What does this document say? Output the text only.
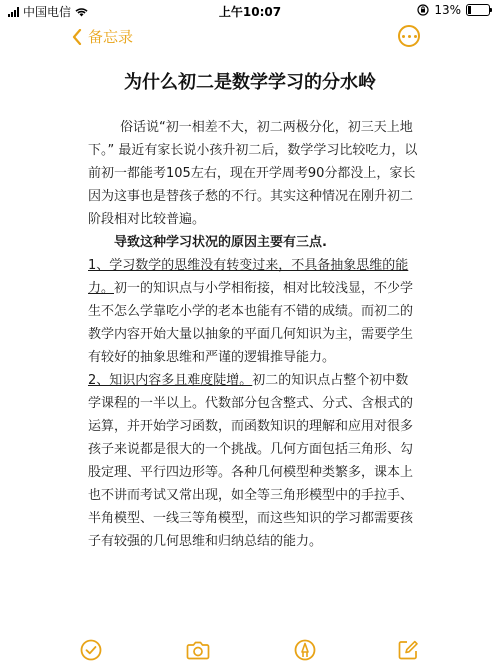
中国电信	上午10:07	13%
备忘录
为什么初二是数学学习的分水岭

俗话说“初一相差不大，初二两极分化，初三天上地下。” 最近有家长说小孩升初二后，数学学习比较吃力，以前初一都能考105左右，现在开学周考90分都没上，家长因为这事也是替孩子愁的不行。其实这种情况在刚升初二阶段相对比较普遍。

导致这种学习状况的原因主要有三点.

1、学习数学的思维没有转变过来，不具备抽象思维的能力。初一的知识点与小学相衔接，相对比较浅显，不少学生不怎么学靠吃小学的老本也能有不错的成绩。而初二的教学内容开始大量以抽象的平面几何知识为主，需要学生有较好的抽象思维和严谨的逻辑推导能力。

2、知识内容多且难度陡增。初二的知识点占整个初中数学课程的一半以上。代数部分包含整式、分式、含根式的运算，并开始学习函数，而函数知识的理解和应用对很多孩子来说都是很大的一个挑战。几何方面包括三角形、勾股定理、平行四边形等。各种几何模型种类繁多，课本上也不讲而考试又常出现，如全等三角形模型中的手拉手、半角模型、一线三等角模型，而这些知识的学习都需要孩子有较强的几何思维和归纳总结的能力。
